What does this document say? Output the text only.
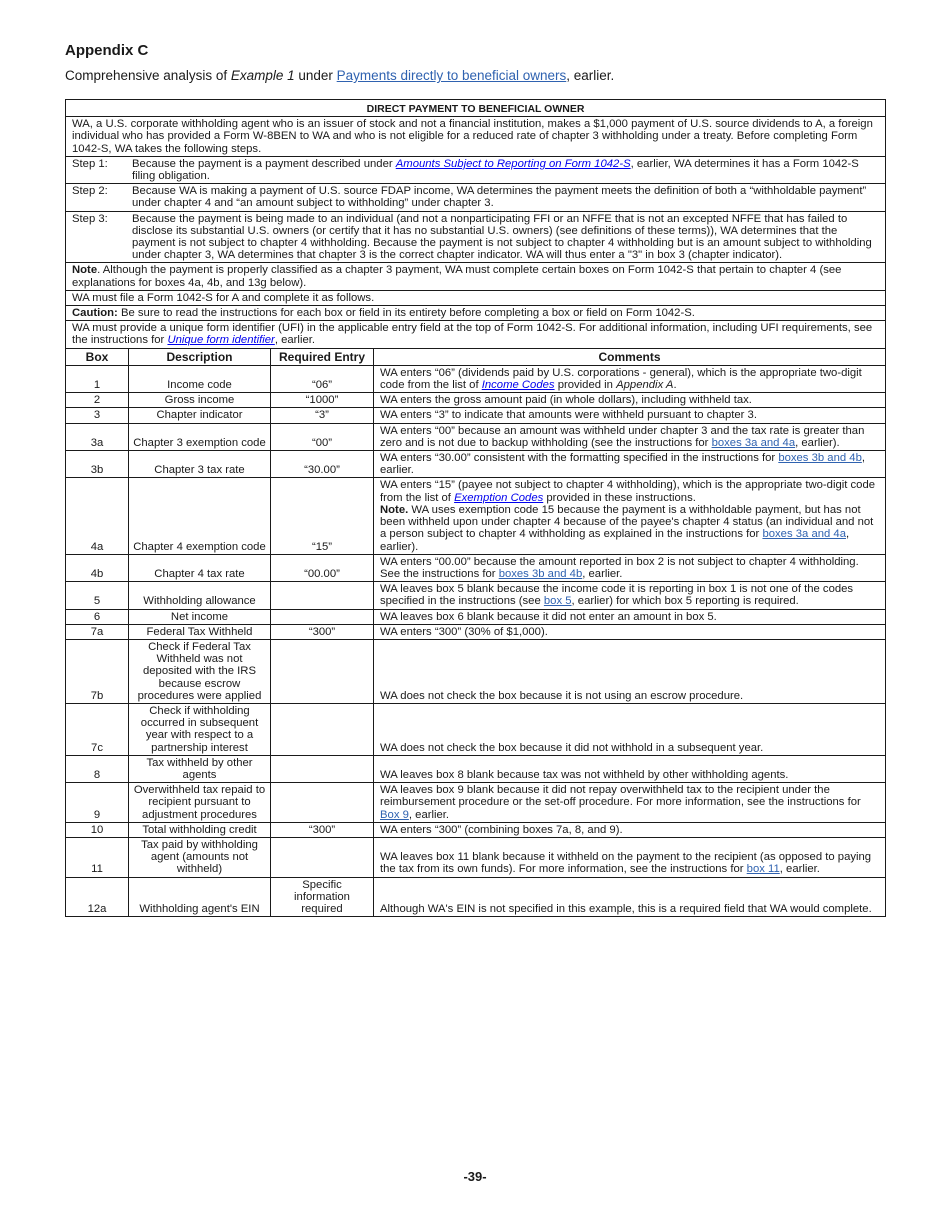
Appendix C
Comprehensive analysis of Example 1 under Payments directly to beneficial owners, earlier.
DIRECT PAYMENT TO BENEFICIAL OWNER			
WA, a U.S. corporate withholding agent who is an issuer of stock and not a financial institution, makes a $1,000 payment of U.S. source dividends to A, a foreign individual who has provided a Form W-8BEN to WA and who is not eligible for a reduced rate of chapter 3 withholding under a treaty. Before completing Form 1042-S, WA takes the following steps.			
Step 1: Because the payment is a payment described under Amounts Subject to Reporting on Form 1042-S, earlier, WA determines it has a Form 1042-S filing obligation.			
Step 2: Because WA is making a payment of U.S. source FDAP income, WA determines the payment meets the definition of both a “withholdable payment” under chapter 4 and “an amount subject to withholding” under chapter 3.			
Step 3: Because the payment is being made to an individual (and not a nonparticipating FFI or an NFFE that is not an excepted NFFE that has failed to disclose its substantial U.S. owners (or certify that it has no substantial U.S. owners) (see definitions of these terms)), WA determines that the payment is not subject to chapter 4 withholding. Because the payment is not subject to chapter 4 withholding but is an amount subject to withholding under chapter 3, WA determines that chapter 3 is the correct chapter indicator. WA will thus enter a "3" in box 3 (chapter indicator).			
Note. Although the payment is properly classified as a chapter 3 payment, WA must complete certain boxes on Form 1042-S that pertain to chapter 4 (see explanations for boxes 4a, 4b, and 13g below).			
WA must file a Form 1042-S for A and complete it as follows.			
Caution: Be sure to read the instructions for each box or field in its entirety before completing a box or field on Form 1042-S.			
WA must provide a unique form identifier (UFI) in the applicable entry field at the top of Form 1042-S. For additional information, including UFI requirements, see the instructions for Unique form identifier, earlier.			
Box	Description	Required Entry	Comments
1	Income code	“06”	WA enters “06” (dividends paid by U.S. corporations - general), which is the appropriate two-digit code from the list of Income Codes provided in Appendix A.
2	Gross income	“1000”	WA enters the gross amount paid (in whole dollars), including withheld tax.
3	Chapter indicator	“3”	WA enters “3” to indicate that amounts were withheld pursuant to chapter 3.
3a	Chapter 3 exemption code	“00”	WA enters “00” because an amount was withheld under chapter 3 and the tax rate is greater than zero and is not due to backup withholding (see the instructions for boxes 3a and 4a, earlier).
3b	Chapter 3 tax rate	“30.00”	WA enters “30.00” consistent with the formatting specified in the instructions for boxes 3b and 4b, earlier.
4a	Chapter 4 exemption code	“15”	WA enters “15” (payee not subject to chapter 4 withholding), which is the appropriate two-digit code from the list of Exemption Codes provided in these instructions.
Note. WA uses exemption code 15 because the payment is a withholdable payment, but has not been withheld upon under chapter 4 because of the payee's chapter 4 status (an individual and not a person subject to chapter 4 withholding as explained in the instructions for boxes 3a and 4a, earlier).
4b	Chapter 4 tax rate	“00.00”	WA enters “00.00” because the amount reported in box 2 is not subject to chapter 4 withholding. See the instructions for boxes 3b and 4b, earlier.
5	Withholding allowance		WA leaves box 5 blank because the income code it is reporting in box 1 is not one of the codes specified in the instructions (see box 5, earlier) for which box 5 reporting is required.
6	Net income		WA leaves box 6 blank because it did not enter an amount in box 5.
7a	Federal Tax Withheld	“300”	WA enters “300” (30% of $1,000).
7b	Check if Federal Tax Withheld was not deposited with the IRS because escrow procedures were applied		WA does not check the box because it is not using an escrow procedure.
7c	Check if withholding occurred in subsequent year with respect to a partnership interest		WA does not check the box because it did not withhold in a subsequent year.
8	Tax withheld by other agents		WA leaves box 8 blank because tax was not withheld by other withholding agents.
9	Overwithheld tax repaid to recipient pursuant to adjustment procedures		WA leaves box 9 blank because it did not repay overwithheld tax to the recipient under the reimbursement procedure or the set-off procedure. For more information, see the instructions for Box 9, earlier.
10	Total withholding credit	“300”	WA enters “300” (combining boxes 7a, 8, and 9).
11	Tax paid by withholding agent (amounts not withheld)		WA leaves box 11 blank because it withheld on the payment to the recipient (as opposed to paying the tax from its own funds). For more information, see the instructions for box 11, earlier.
12a	Withholding agent's EIN	Specific information required	Although WA's EIN is not specified in this example, this is a required field that WA would complete.
-39-
